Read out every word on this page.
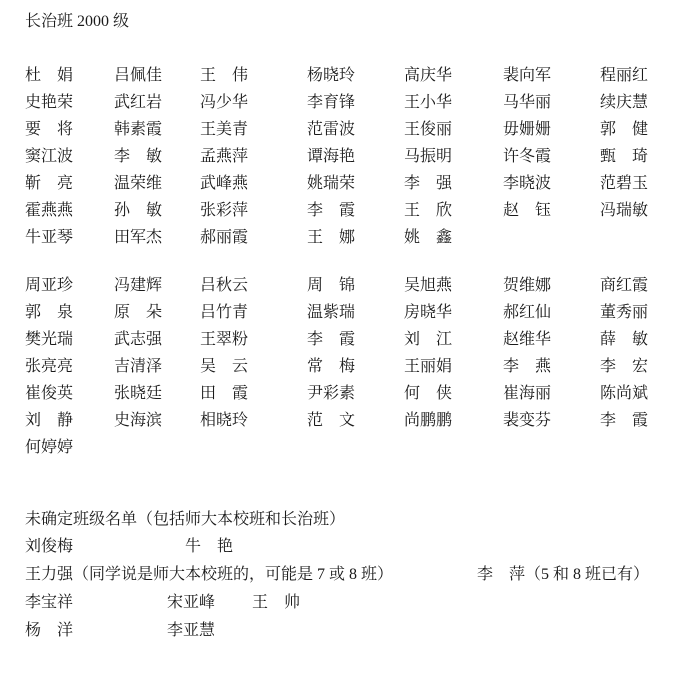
长治班 2000 级
杜娟	吕佩佳 王伟	杨晓玲	高庆华	裴向军	程丽红
史艳荣	武红岩 冯少华	李育锋	王小华	马华丽	续庆慧
要将	韩素霞 王美青	范雷波	王俊丽	毋姗姗	郭健
窦江波	李敏 孟燕萍	谭海艳	马振明	许冬霞	甄琦
靳亮	温荣维 武峰燕	姚瑞荣	李强	李晓波	范碧玉
霍燕燕	孙敏 张彩萍	李霞	王欣	赵钰	冯瑞敏
牛亚琴	田军杰 郝丽霞	王娜	姚鑫
周亚珍	冯建辉 吕秋云	周锦	吴旭燕	贺维娜	商红霞
郭泉	原朵 吕竹青	温紫瑞	房晓华	郝红仙	董秀丽
樊光瑞	武志强 王翠粉	李霞	刘江	赵维华	薛敏
张亮亮	吉清泽 吴云	常梅	王丽娟	李燕	李宏
崔俊英	张晓廷 田霞	尹彩素	何侠	崔海丽	陈尚斌
刘静	史海滨 相晓玲	范文	尚鹏鹏	裴变芬	李霞
何婷婷
未确定班级名单（包括师大本校班和长治班）
刘俊梅	牛艳
王力强（同学说是师大本校班的，可能是 7 或 8 班）	李萍（5 和 8 班已有）
李宝祥	宋亚峰 王帅
杨洋	李亚慧
